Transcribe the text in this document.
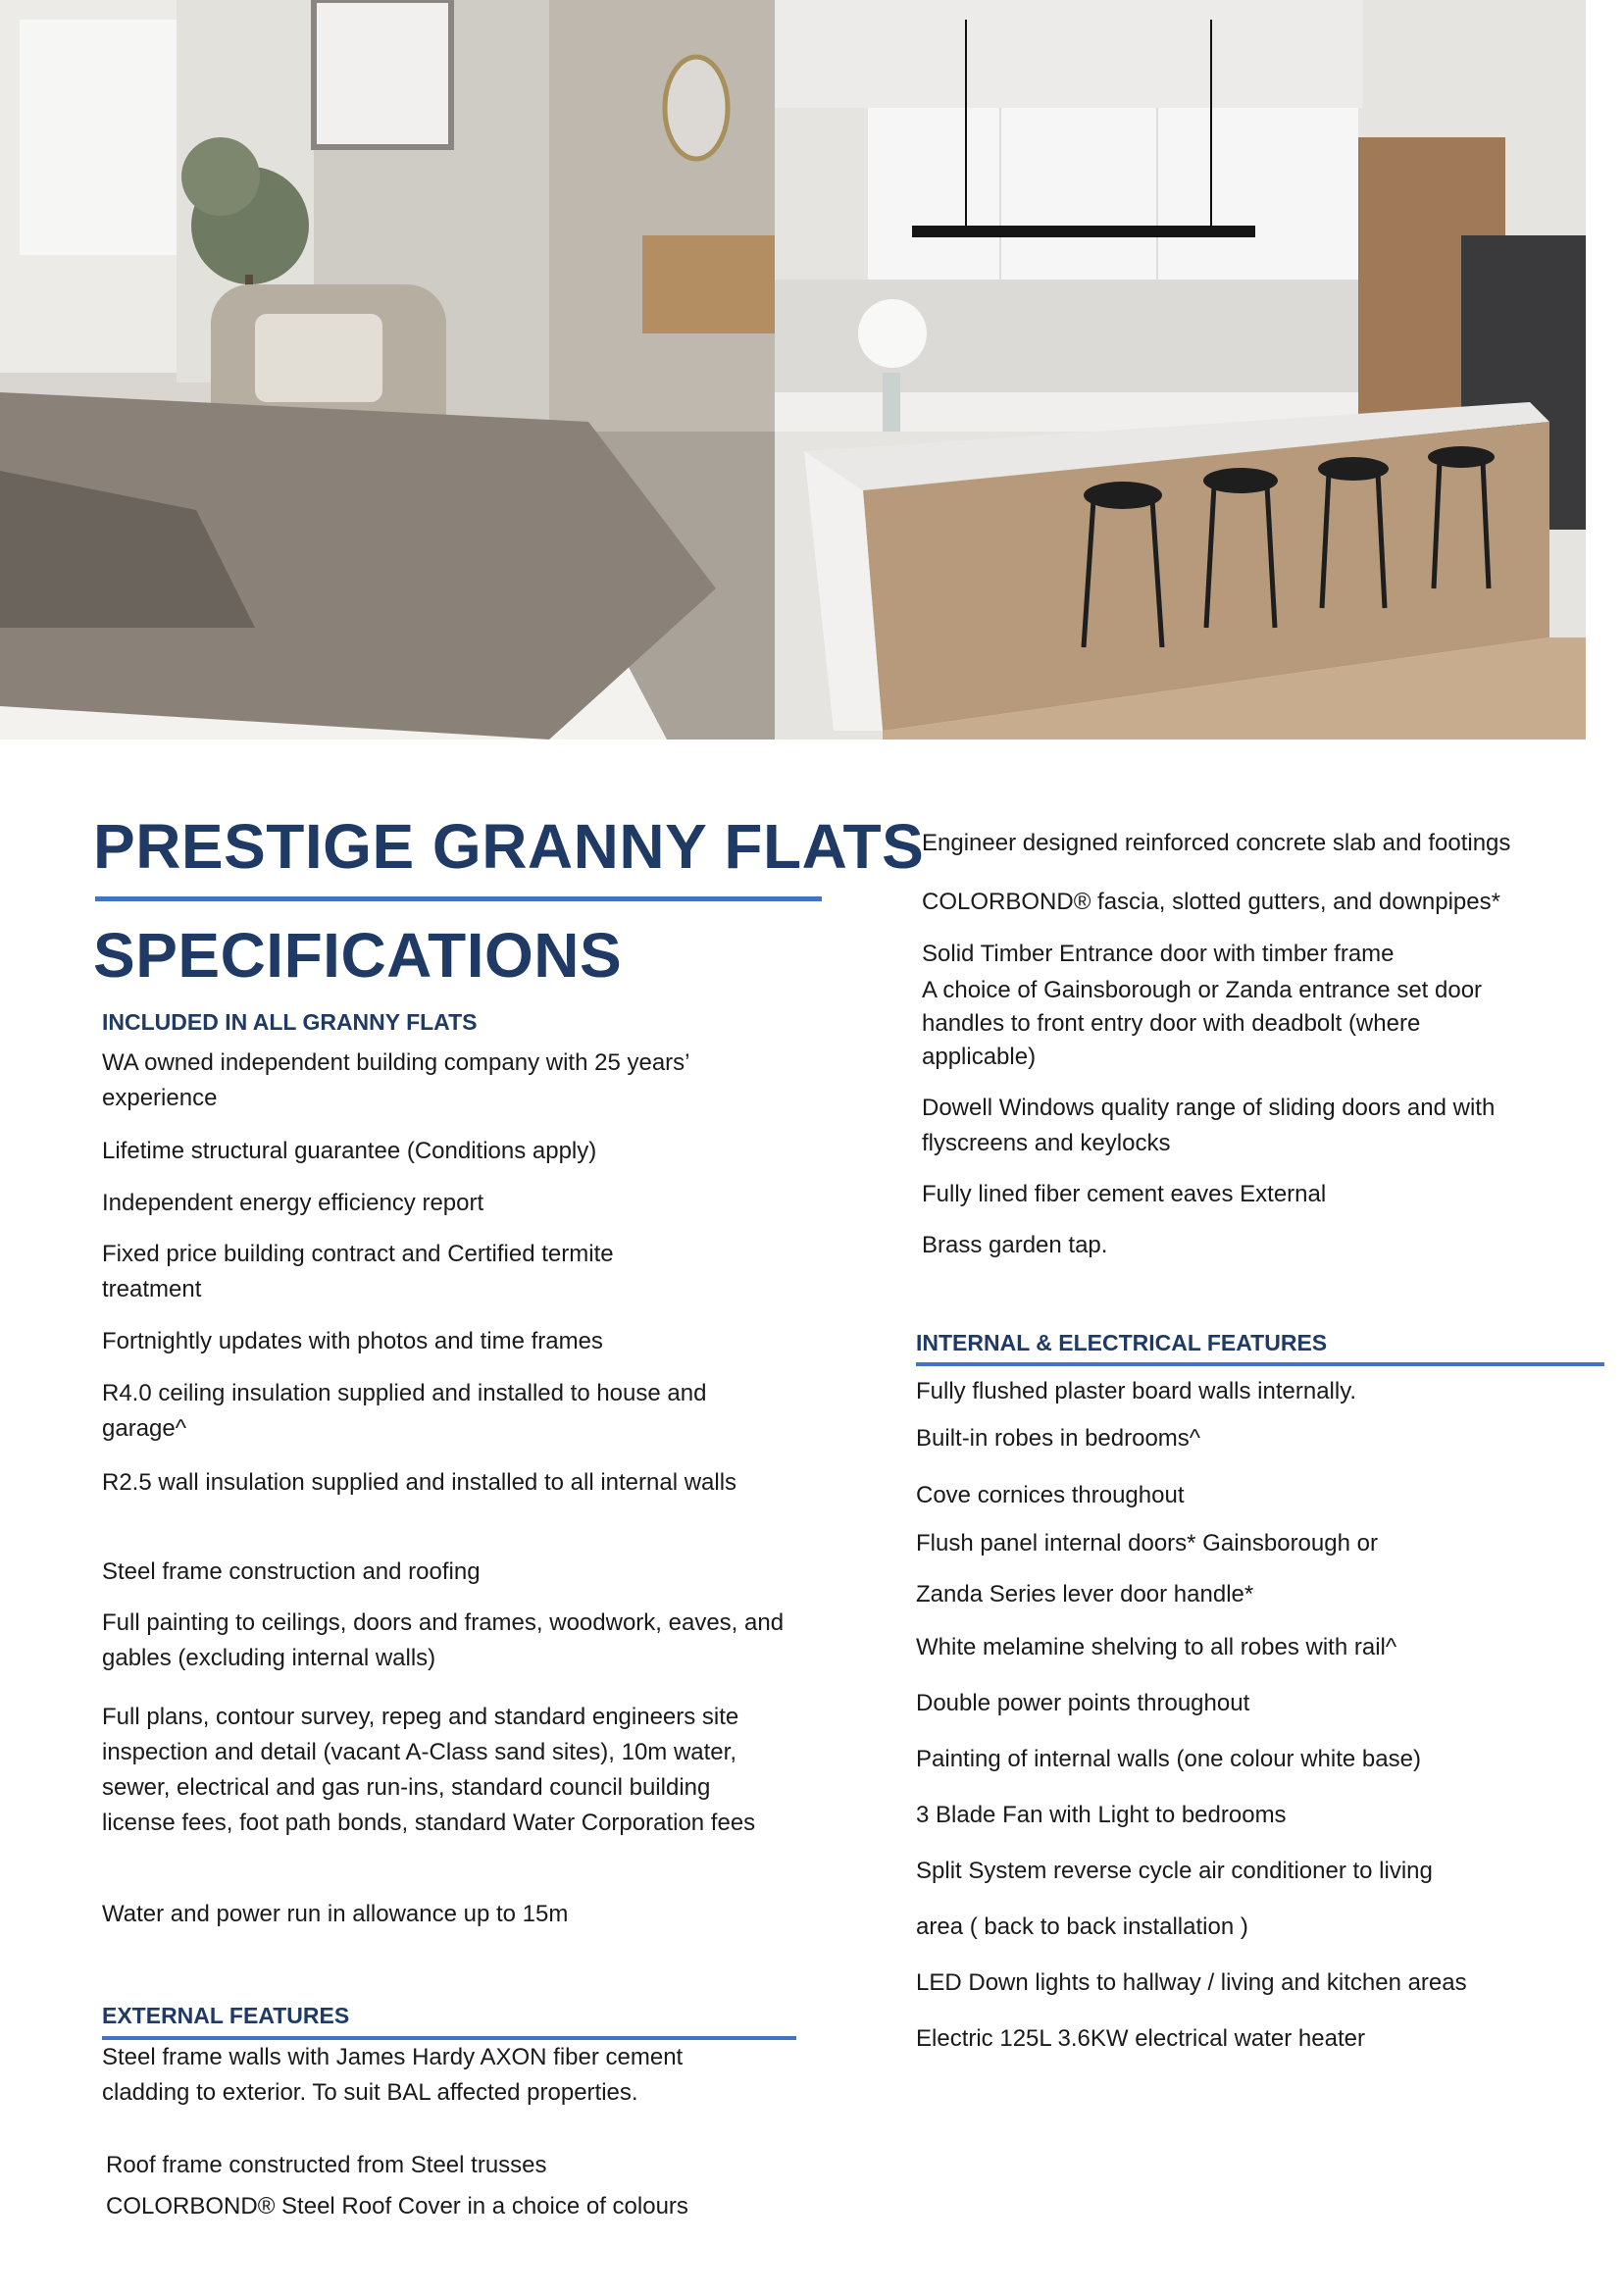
PRESTIGE GRANNY FLATS
SPECIFICATIONS
INCLUDED IN ALL GRANNY FLATS

WA owned independent building company with 25 years’ experience

Lifetime structural guarantee (Conditions apply)

Independent energy efficiency report

Fixed price building contract and Certified termite treatment

Fortnightly updates with photos and time frames

R4.0 ceiling insulation supplied and installed to house and garage^

R2.5 wall insulation supplied and installed to all internal walls

Steel frame construction and roofing

Full painting to ceilings, doors and frames, woodwork, eaves, and gables (excluding internal walls)

Full plans, contour survey, repeg and standard engineers site inspection and detail (vacant A-Class sand sites), 10m water, sewer, electrical and gas run-ins, standard council building license fees, foot path bonds, standard Water Corporation fees

Water and power run in allowance up to 15m

EXTERNAL FEATURES

Steel frame walls with James Hardy AXON fiber cement cladding to exterior. To suit BAL affected properties.

Roof frame constructed from Steel trusses

COLORBOND® Steel Roof Cover in a choice of colours

Engineer designed reinforced concrete slab and footings

COLORBOND® fascia, slotted gutters, and downpipes*

Solid Timber Entrance door with timber frame

A choice of Gainsborough or Zanda entrance set door handles to front entry door with deadbolt (where applicable)

Dowell Windows quality range of sliding doors and with flyscreens and keylocks

Fully lined fiber cement eaves External

Brass garden tap.

INTERNAL & ELECTRICAL FEATURES

Fully flushed plaster board walls internally.

Built-in robes in bedrooms^

Cove cornices throughout

Flush panel internal doors* Gainsborough or

Zanda Series lever door handle*

White melamine shelving to all robes with rail^

Double power points throughout

Painting of internal walls (one colour white base)

3 Blade Fan with Light to bedrooms

Split System reverse cycle air conditioner to living

area ( back to back installation )

LED Down lights to hallway / living and kitchen areas

Electric 125L 3.6KW electrical water heater
